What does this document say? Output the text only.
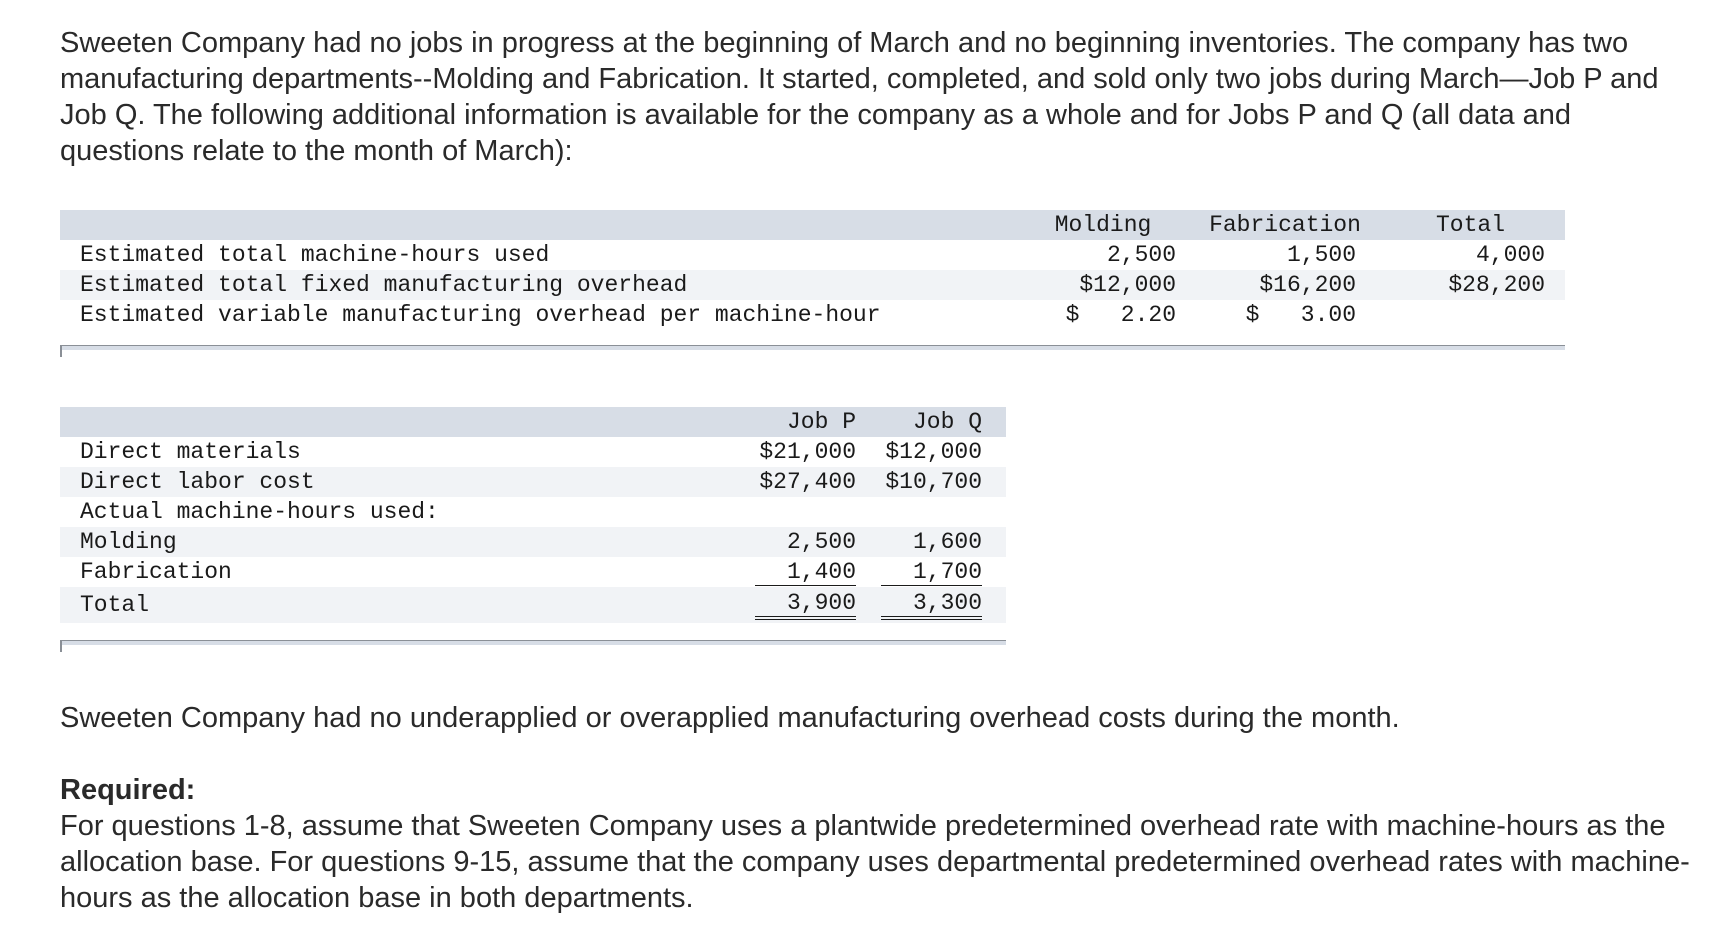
Sweeten Company had no jobs in progress at the beginning of March and no beginning inventories. The company has two manufacturing departments--Molding and Fabrication. It started, completed, and sold only two jobs during March—Job P and Job Q. The following additional information is available for the company as a whole and for Jobs P and Q (all data and questions relate to the month of March):

	Molding	Fabrication	Total
Estimated total machine-hours used	2,500	1,500	4,000
Estimated total fixed manufacturing overhead	$12,000	$16,200	$28,200
Estimated variable manufacturing overhead per machine-hour	$   2.20	$   3.00	
	Job P	Job Q
Direct materials	$21,000	$12,000
Direct labor cost	$27,400	$10,700
Actual machine-hours used:		
Molding	2,500	1,600
Fabrication	1,400	1,700
Total	3,900	3,300

Sweeten Company had no underapplied or overapplied manufacturing overhead costs during the month.

Required:
For questions 1-8, assume that Sweeten Company uses a plantwide predetermined overhead rate with machine-hours as the allocation base. For questions 9-15, assume that the company uses departmental predetermined overhead rates with machine-hours as the allocation base in both departments.
